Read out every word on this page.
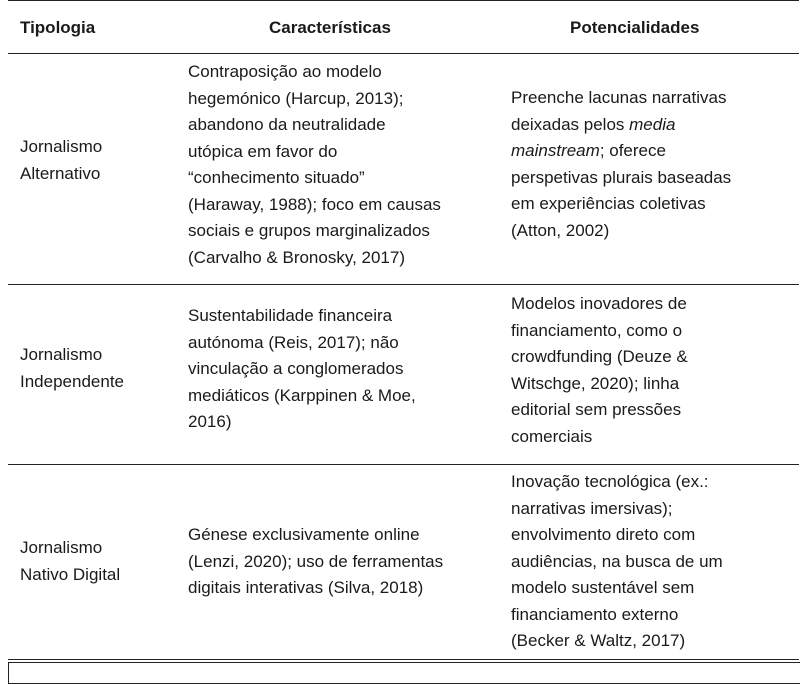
Tipologia	Características	Potencialidades
Jornalismo
Alternativo
Contraposição ao modelo
hegemónico (Harcup, 2013);
abandono da neutralidade
utópica em favor do
“conhecimento situado”
(Haraway, 1988); foco em causas
sociais e grupos marginalizados
(Carvalho & Bronosky, 2017)
Preenche lacunas narrativas
deixadas pelos media
mainstream; oferece
perspetivas plurais baseadas
em experiências coletivas
(Atton, 2002)
Jornalismo
Independente
Sustentabilidade financeira
autónoma (Reis, 2017); não
vinculação a conglomerados
mediáticos (Karppinen & Moe,
2016)
Modelos inovadores de
financiamento, como o
crowdfunding (Deuze &
Witschge, 2020); linha
editorial sem pressões
comerciais
Jornalismo
Nativo Digital
Génese exclusivamente online
(Lenzi, 2020); uso de ferramentas
digitais interativas (Silva, 2018)
Inovação tecnológica (ex.:
narrativas imersivas);
envolvimento direto com
audiências, na busca de um
modelo sustentável sem
financiamento externo
(Becker & Waltz, 2017)
